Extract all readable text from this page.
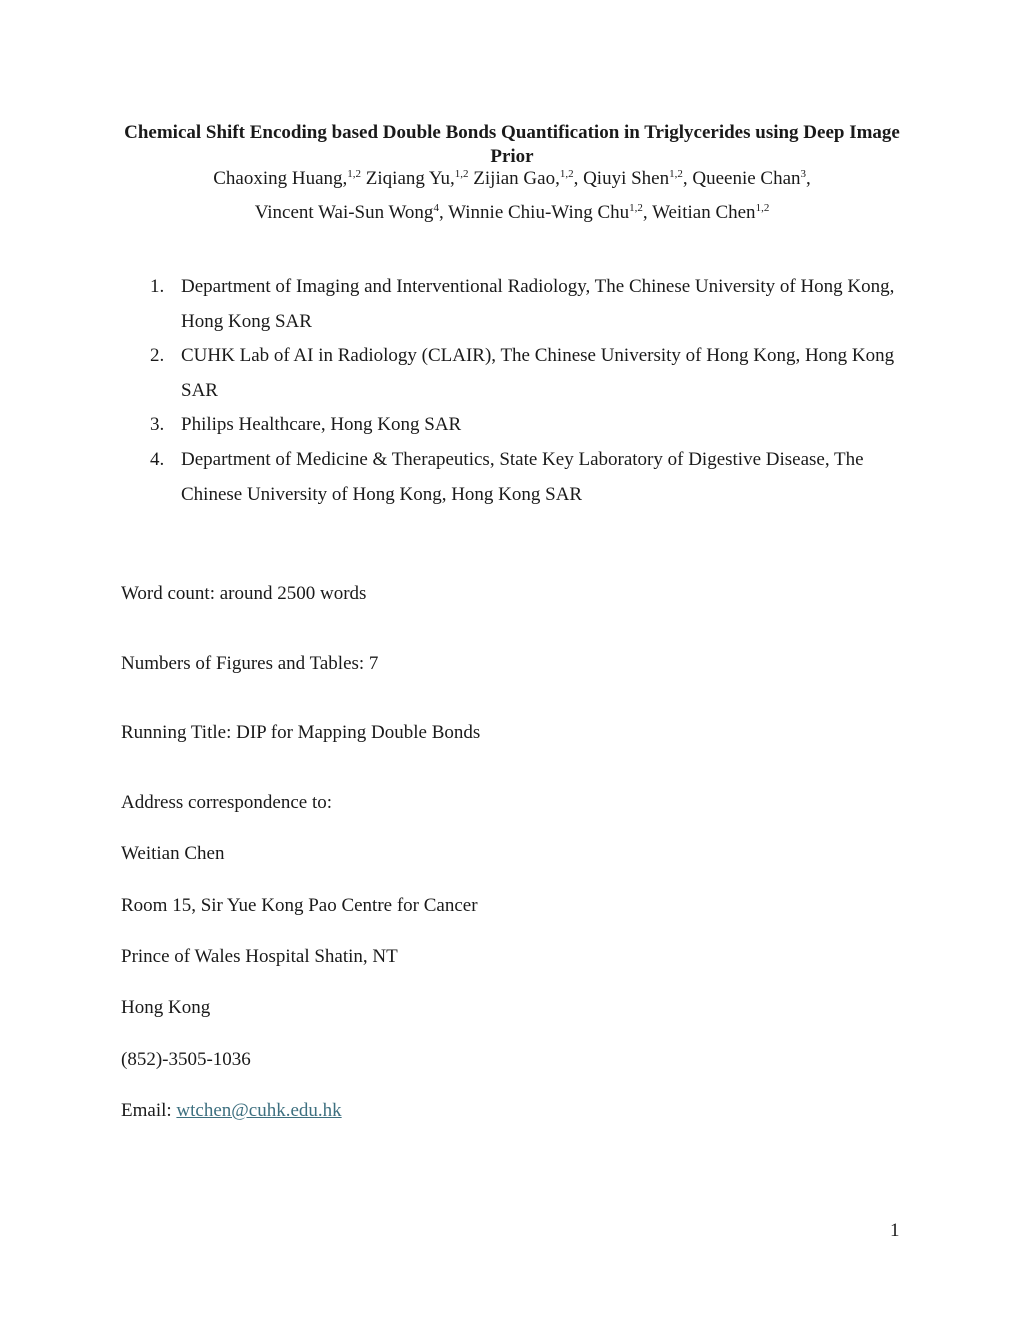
Chemical Shift Encoding based Double Bonds Quantification in Triglycerides using Deep Image Prior
Chaoxing Huang,$^{1,2}$ Ziqiang Yu,$^{1,2}$ Zijian Gao,$^{1,2}$, Qiuyi Shen$^{1,2}$, Queenie Chan$^3$,
Vincent Wai-Sun Wong$^4$, Winnie Chiu-Wing Chu$^{1,2}$, Weitian Chen$^{1,2}$
1. Department of Imaging and Interventional Radiology, The Chinese University of Hong Kong, Hong Kong SAR
2. CUHK Lab of AI in Radiology (CLAIR), The Chinese University of Hong Kong, Hong Kong SAR
3. Philips Healthcare, Hong Kong SAR
4. Department of Medicine & Therapeutics, State Key Laboratory of Digestive Disease, The Chinese University of Hong Kong, Hong Kong SAR
Word count: around 2500 words
Numbers of Figures and Tables: 7
Running Title: DIP for Mapping Double Bonds
Address correspondence to:
Weitian Chen
Room 15, Sir Yue Kong Pao Centre for Cancer
Prince of Wales Hospital Shatin, NT
Hong Kong
(852)-3505-1036
Email: wtchen@cuhk.edu.hk
1
